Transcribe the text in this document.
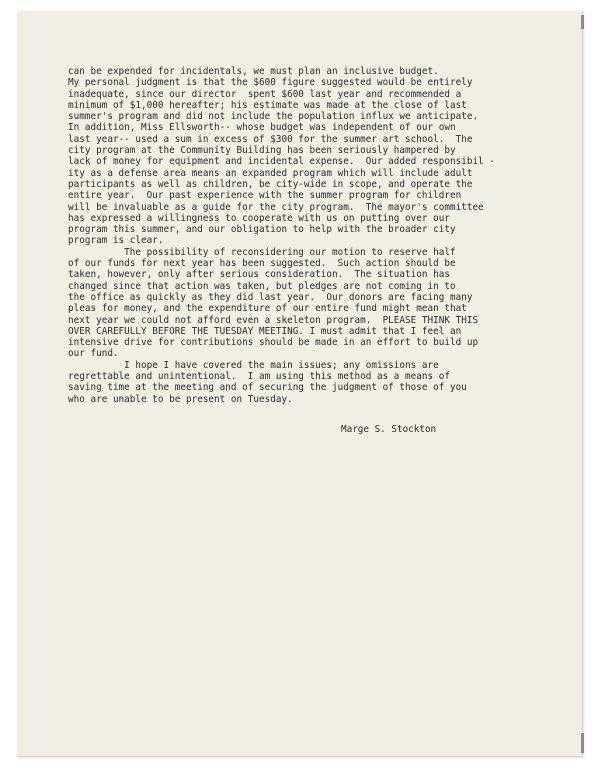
can be expended for incidentals, we must plan an inclusive budget.
My personal judgment is that the $600 figure suggested would be entirely
inadequate, since our director  spent $600 last year and recommended a
minimum of $1,000 hereafter; his estimate was made at the close of last
summer's program and did not include the population influx we anticipate.
In addition, Miss Ellsworth-- whose budget was independent of our own
last year-- used a sum in excess of $300 for the summer art school.  The
city program at the Community Building has been seriously hampered by
lack of money for equipment and incidental expense.  Our added responsibil -
ity as a defense area means an expanded program which will include adult
participants as well as children, be city-wide in scope, and operate the
entire year.  Our past experience with the summer program for children
will be invaluable as a guide for the city program.  The mayor's committee
has expressed a willingness to cooperate with us on putting over our
program this summer, and our obligation to help with the broader city
program is clear.
The possibility of reconsidering our motion to reserve half
of our funds for next year has been suggested.  Such action should be
taken, however, only after serious consideration.  The situation has
changed since that action was taken, but pledges are not coming in to
the office as quickly as they did last year.  Our donors are facing many
pleas for money, and the expenditure of our entire fund might mean that
next year we could not afford even a skeleton program.  PLEASE THINK THIS
OVER CAREFULLY BEFORE THE TUESDAY MEETING. I must admit that I feel an
intensive drive for contributions should be made in an effort to build up
our fund.
I hope I have covered the main issues; any omissions are
regrettable and unintentional.  I am using this method as a means of
saving time at the meeting and of securing the judgment of those of you
who are unable to be present on Tuesday.
Marge S. Stockton
